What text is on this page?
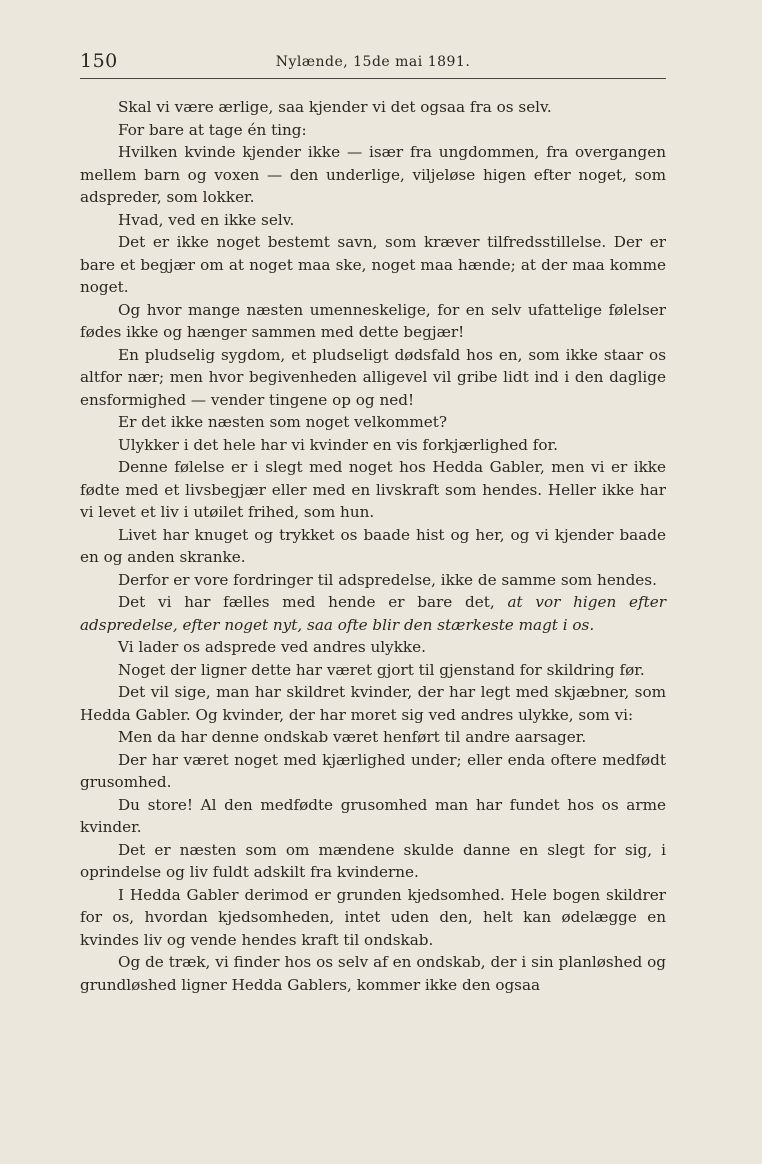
150	Nylænde, 15de mai 1891.

Skal vi være ærlige, saa kjender vi det ogsaa fra os selv.

For bare at tage én ting:

Hvilken kvinde kjender ikke — især fra ungdommen, fra overgangen mellem barn og voxen — den underlige, viljeløse higen efter noget, som adspreder, som lokker.

Hvad, ved en ikke selv.

Det er ikke noget bestemt savn, som kræver tilfredsstillelse. Der er bare et begjær om at noget maa ske, noget maa hænde; at der maa komme noget.

Og hvor mange næsten umenneskelige, for en selv ufattelige følelser fødes ikke og hænger sammen med dette begjær!

En pludselig sygdom, et pludseligt dødsfald hos en, som ikke staar os altfor nær; men hvor begivenheden alligevel vil gribe lidt ind i den daglige ensformighed — vender tingene op og ned!

Er det ikke næsten som noget velkommet?

Ulykker i det hele har vi kvinder en vis forkjærlighed for.

Denne følelse er i slegt med noget hos Hedda Gabler, men vi er ikke fødte med et livsbegjær eller med en livskraft som hendes. Heller ikke har vi levet et liv i utøilet frihed, som hun.

Livet har knuget og trykket os baade hist og her, og vi kjender baade en og anden skranke.

Derfor er vore fordringer til adspredelse, ikke de samme som hendes.

Det vi har fælles med hende er bare det, at vor higen efter adspredelse, efter noget nyt, saa ofte blir den stærkeste magt i os.

Vi lader os adsprede ved andres ulykke.

Noget der ligner dette har været gjort til gjenstand for skildring før.

Det vil sige, man har skildret kvinder, der har legt med skjæbner, som Hedda Gabler. Og kvinder, der har moret sig ved andres ulykke, som vi:

Men da har denne ondskab været henført til andre aarsager.

Der har været noget med kjærlighed under; eller enda oftere medfødt grusomhed.

Du store! Al den medfødte grusomhed man har fundet hos os arme kvinder.

Det er næsten som om mændene skulde danne en slegt for sig, i oprindelse og liv fuldt adskilt fra kvinderne.

I Hedda Gabler derimod er grunden kjedsomhed. Hele bogen skildrer for os, hvordan kjedsomheden, intet uden den, helt kan ødelægge en kvindes liv og vende hendes kraft til ondskab.

Og de træk, vi finder hos os selv af en ondskab, der i sin planløshed og grundløshed ligner Hedda Gablers, kommer ikke den ogsaa
